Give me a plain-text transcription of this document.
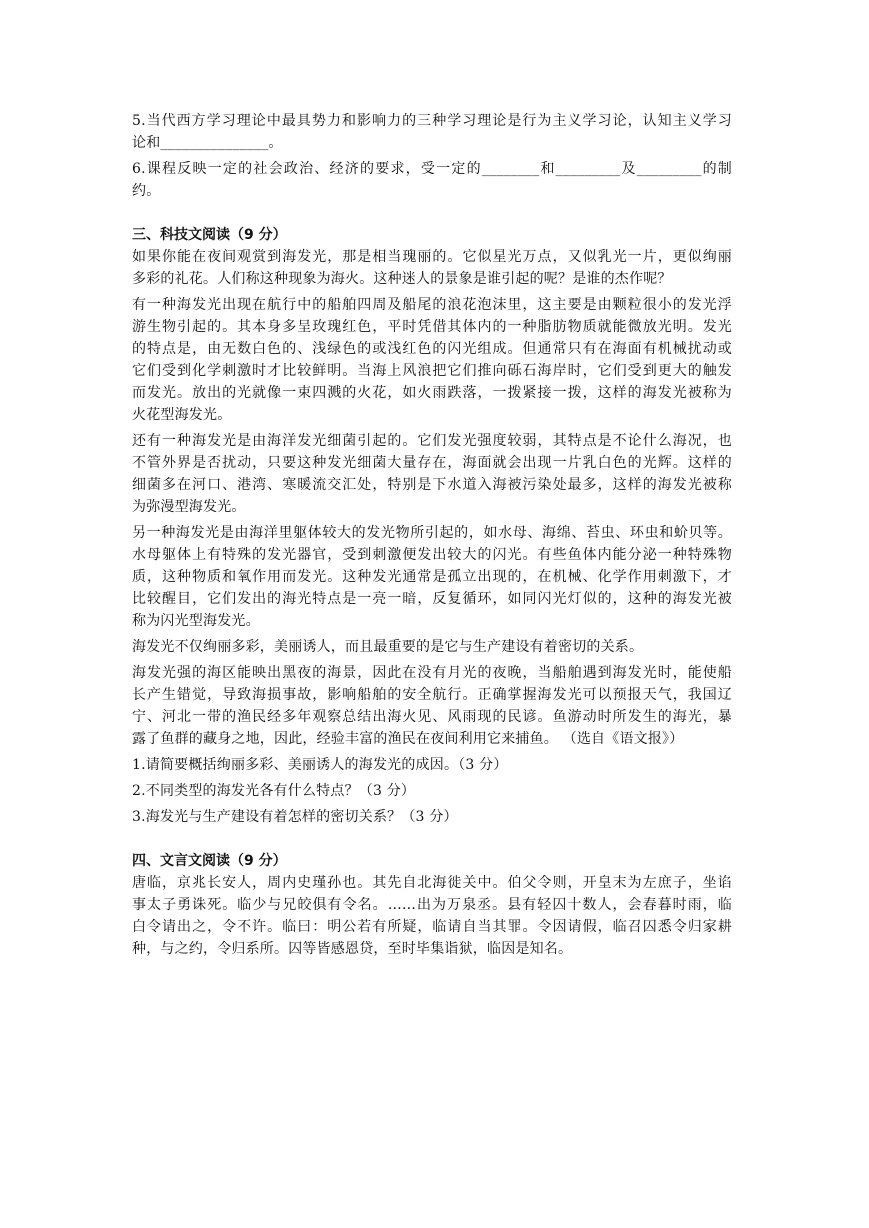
5.当代西方学习理论中最具势力和影响力的三种学习理论是行为主义学习论，认知主义学习
论和_______________。
6.课程反映一定的社会政治、经济的要求，受一定的________和_________及_________的制
约。
三、科技文阅读（9 分）
如果你能在夜间观赏到海发光，那是相当瑰丽的。它似星光万点，又似乳光一片，更似绚丽
多彩的礼花。人们称这种现象为海火。这种迷人的景象是谁引起的呢？是谁的杰作呢？
有一种海发光出现在航行中的船舶四周及船尾的浪花泡沫里，这主要是由颗粒很小的发光浮
游生物引起的。其本身多呈玫瑰红色，平时凭借其体内的一种脂肪物质就能微放光明。发光
的特点是，由无数白色的、浅绿色的或浅红色的闪光组成。但通常只有在海面有机械扰动或
它们受到化学刺激时才比较鲜明。当海上风浪把它们推向砾石海岸时，它们受到更大的触发
而发光。放出的光就像一束四溅的火花，如火雨跌落，一拨紧接一拨，这样的海发光被称为
火花型海发光。
还有一种海发光是由海洋发光细菌引起的。它们发光强度较弱，其特点是不论什么海况，也
不管外界是否扰动，只要这种发光细菌大量存在，海面就会出现一片乳白色的光辉。这样的
细菌多在河口、港湾、寒暖流交汇处，特别是下水道入海被污染处最多，这样的海发光被称
为弥漫型海发光。
另一种海发光是由海洋里躯体较大的发光物所引起的，如水母、海绵、苔虫、环虫和蚧贝等。
水母躯体上有特殊的发光器官，受到刺激便发出较大的闪光。有些鱼体内能分泌一种特殊物
质，这种物质和氧作用而发光。这种发光通常是孤立出现的，在机械、化学作用刺激下，才
比较醒目，它们发出的海光特点是一亮一暗，反复循环，如同闪光灯似的，这种的海发光被
称为闪光型海发光。
海发光不仅绚丽多彩，美丽诱人，而且最重要的是它与生产建设有着密切的关系。
海发光强的海区能映出黑夜的海景，因此在没有月光的夜晚，当船舶遇到海发光时，能使船
长产生错觉，导致海损事故，影响船舶的安全航行。正确掌握海发光可以预报天气，我国辽
宁、河北一带的渔民经多年观察总结出海火见、风雨现的民谚。鱼游动时所发生的海光，暴
露了鱼群的藏身之地，因此，经验丰富的渔民在夜间利用它来捕鱼。 （选自《语文报》）
1.请简要概括绚丽多彩、美丽诱人的海发光的成因。（3 分）
2.不同类型的海发光各有什么特点？（3 分）
3.海发光与生产建设有着怎样的密切关系？（3 分）
四、文言文阅读（9 分）
唐临，京兆长安人，周内史瑾孙也。其先自北海徙关中。伯父令则，开皇末为左庶子，坐谄
事太子勇诛死。临少与兄皎俱有令名。……出为万泉丞。县有轻囚十数人，会春暮时雨，临
白令请出之，令不许。临曰：明公若有所疑，临请自当其罪。令因请假，临召囚悉令归家耕
种，与之约，令归系所。囚等皆感恩贷，至时毕集诣狱，临因是知名。
